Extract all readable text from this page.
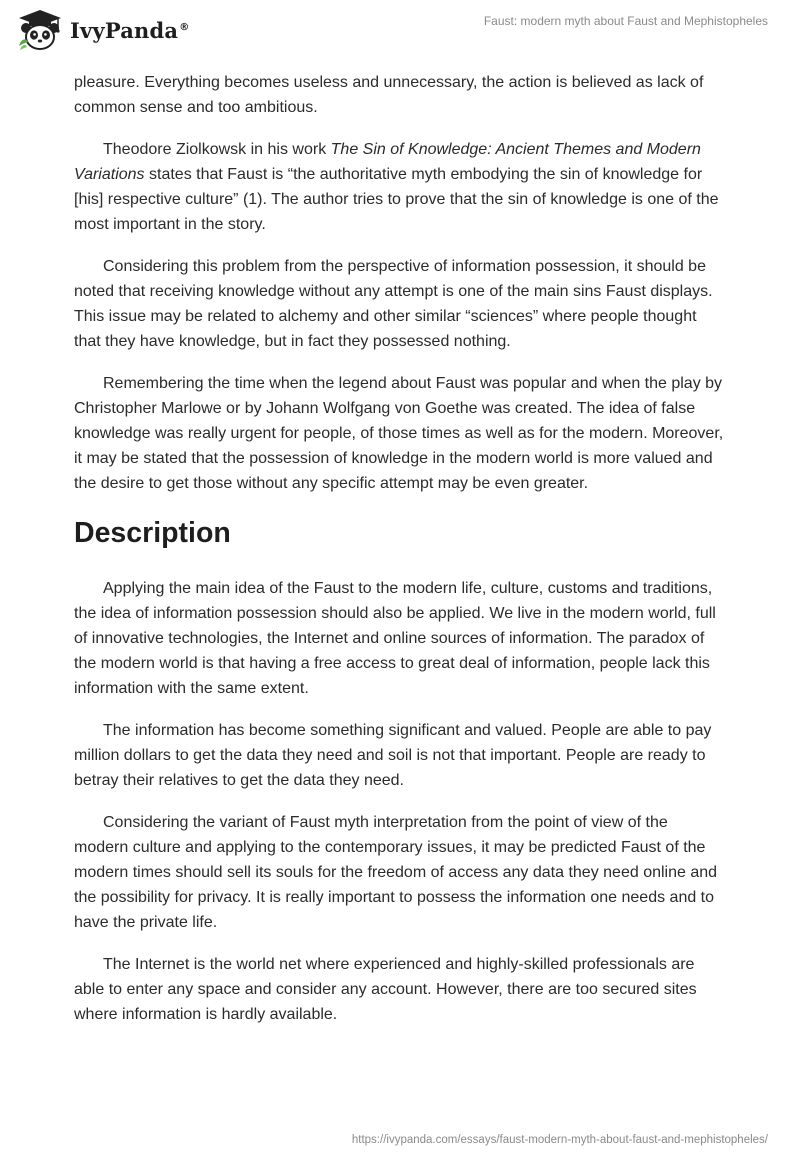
IvyPanda®	Faust: modern myth about Faust and Mephistopheles

pleasure. Everything becomes useless and unnecessary, the action is believed as lack of common sense and too ambitious.

Theodore Ziolkowsk in his work The Sin of Knowledge: Ancient Themes and Modern Variations states that Faust is “the authoritative myth embodying the sin of knowledge for [his] respective culture” (1). The author tries to prove that the sin of knowledge is one of the most important in the story.

Considering this problem from the perspective of information possession, it should be noted that receiving knowledge without any attempt is one of the main sins Faust displays. This issue may be related to alchemy and other similar “sciences” where people thought that they have knowledge, but in fact they possessed nothing.

Remembering the time when the legend about Faust was popular and when the play by Christopher Marlowe or by Johann Wolfgang von Goethe was created. The idea of false knowledge was really urgent for people, of those times as well as for the modern. Moreover, it may be stated that the possession of knowledge in the modern world is more valued and the desire to get those without any specific attempt may be even greater.

Description

Applying the main idea of the Faust to the modern life, culture, customs and traditions, the idea of information possession should also be applied. We live in the modern world, full of innovative technologies, the Internet and online sources of information. The paradox of the modern world is that having a free access to great deal of information, people lack this information with the same extent.

The information has become something significant and valued. People are able to pay million dollars to get the data they need and soil is not that important. People are ready to betray their relatives to get the data they need.

Considering the variant of Faust myth interpretation from the point of view of the modern culture and applying to the contemporary issues, it may be predicted Faust of the modern times should sell its souls for the freedom of access any data they need online and the possibility for privacy. It is really important to possess the information one needs and to have the private life.

The Internet is the world net where experienced and highly-skilled professionals are able to enter any space and consider any account. However, there are too secured sites where information is hardly available.

https://ivypanda.com/essays/faust-modern-myth-about-faust-and-mephistopheles/
